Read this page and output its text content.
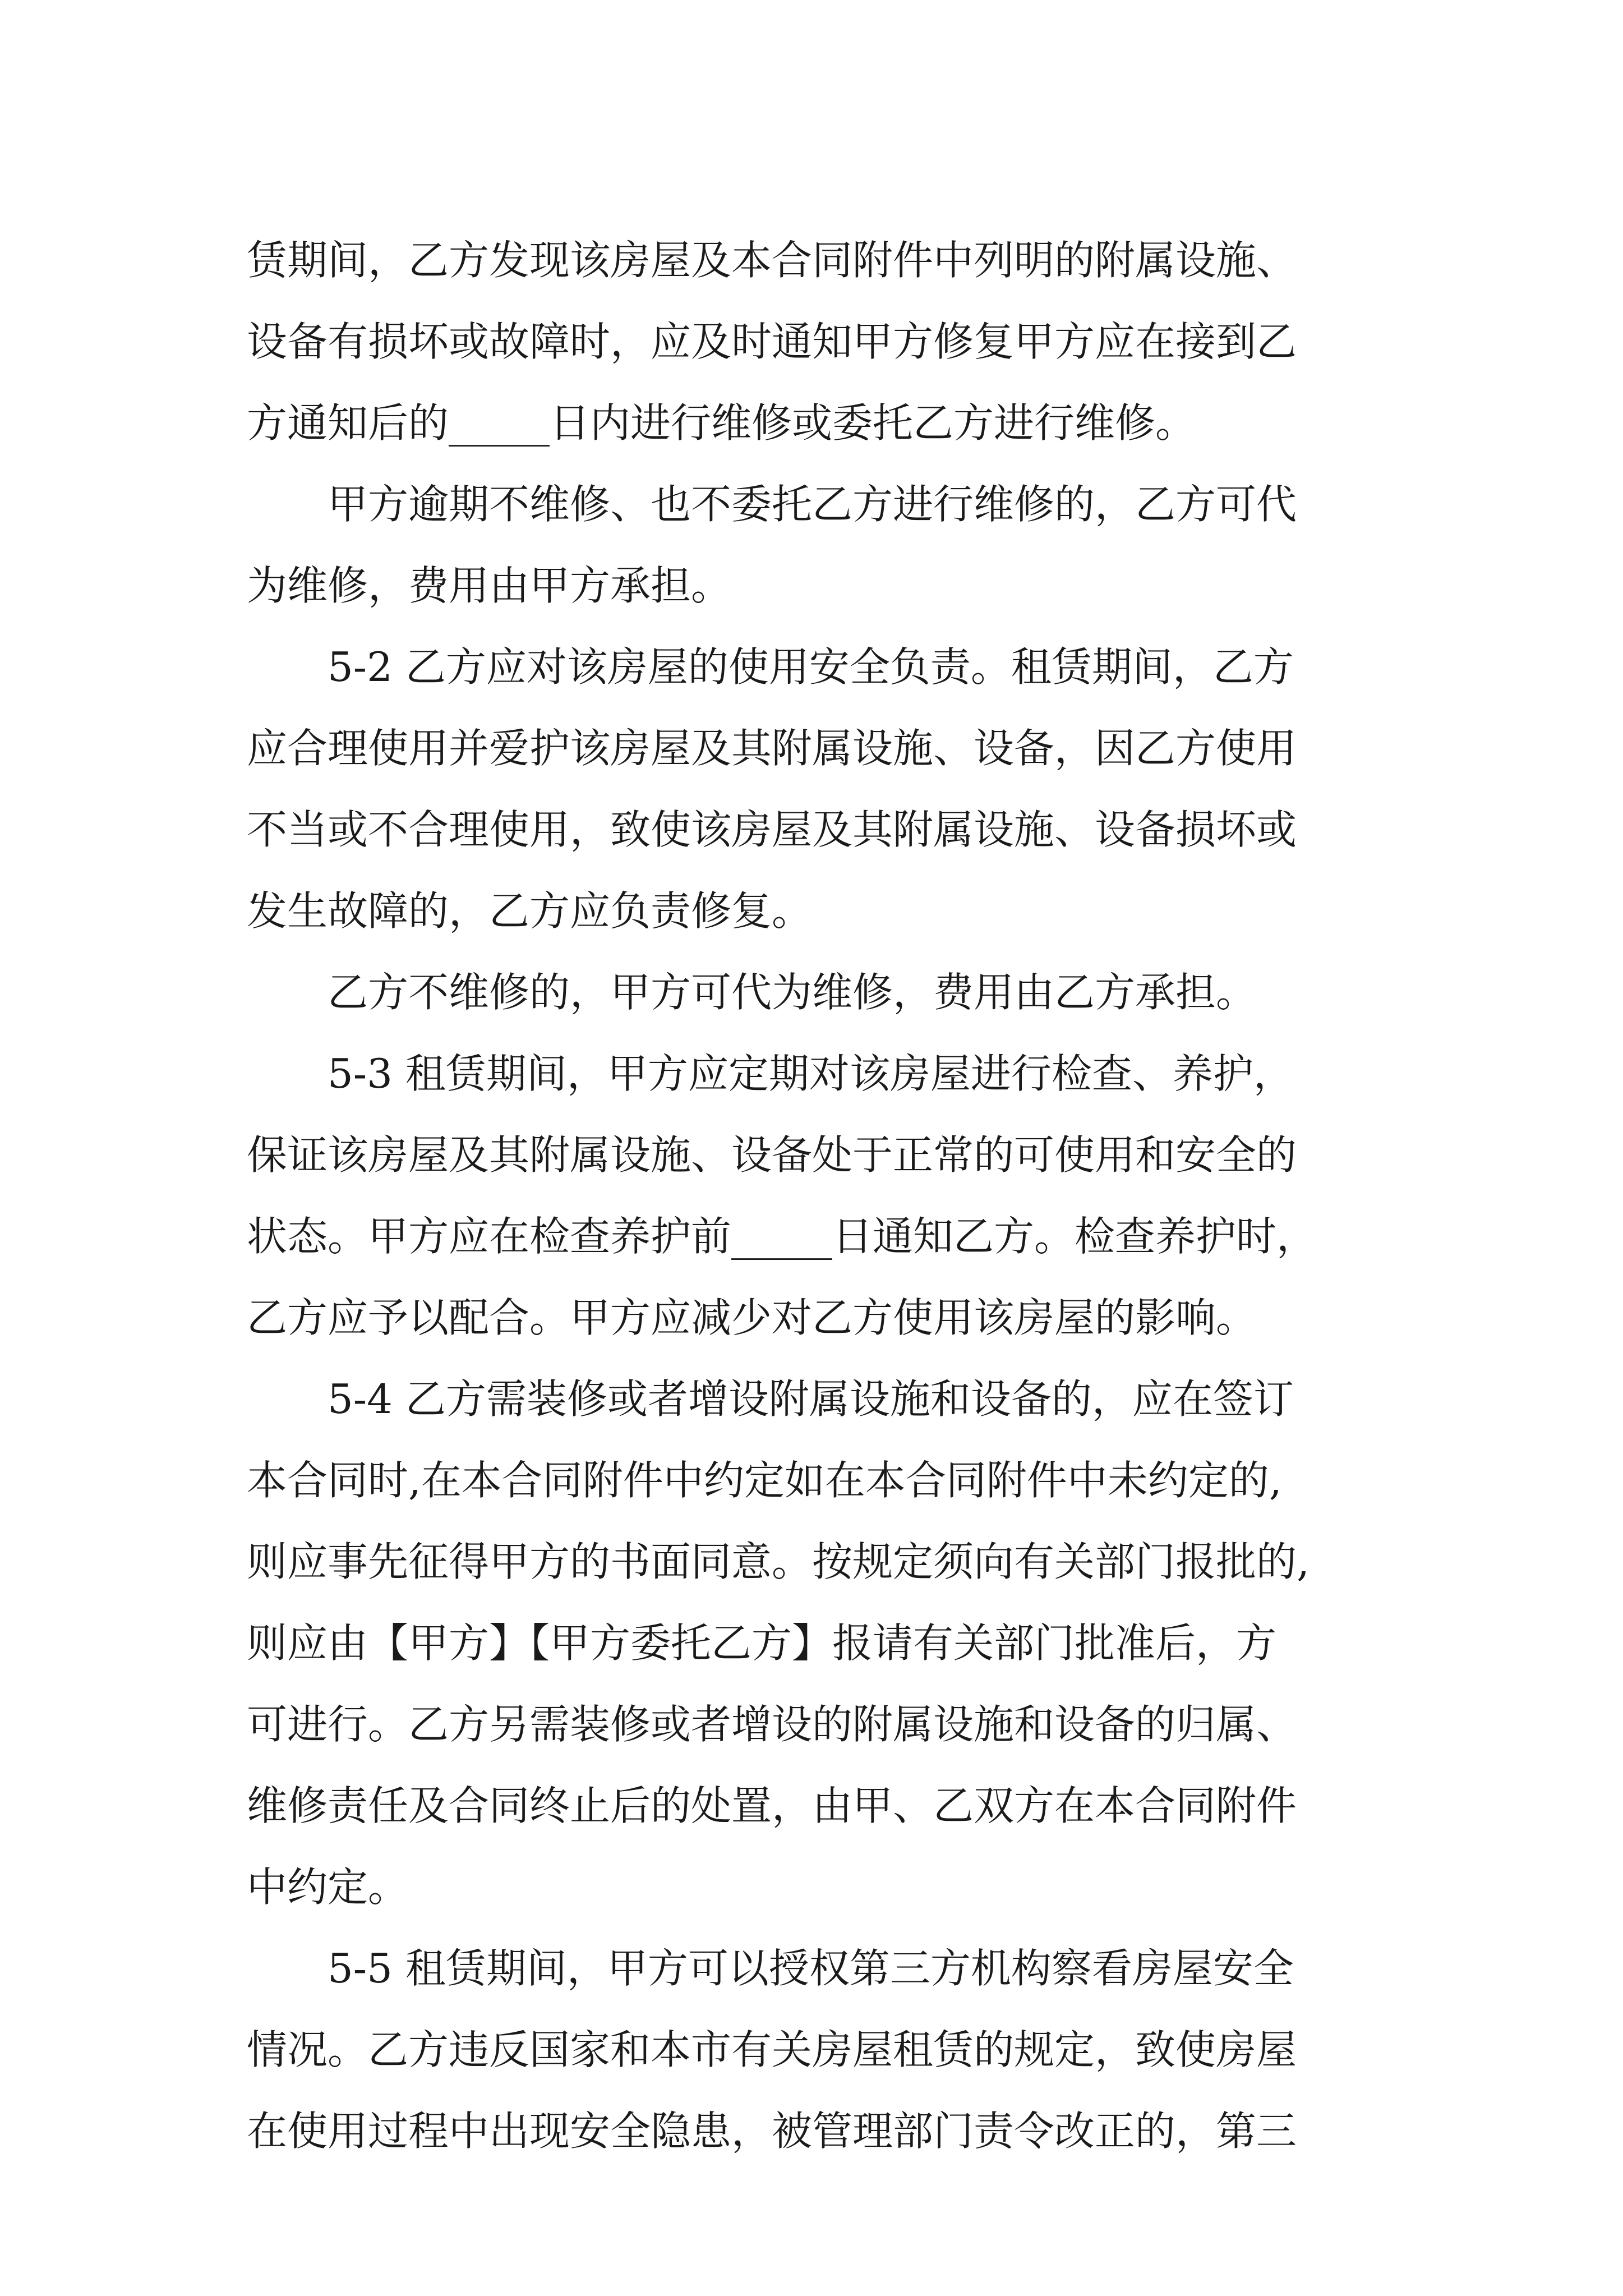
赁期间，乙方发现该房屋及本合同附件中列明的附属设施、
设备有损坏或故障时，应及时通知甲方修复甲方应在接到乙
方通知后的_____日内进行维修或委托乙方进行维修。
　　甲方逾期不维修、也不委托乙方进行维修的，乙方可代
为维修，费用由甲方承担。
　　5-2 乙方应对该房屋的使用安全负责。租赁期间，乙方
应合理使用并爱护该房屋及其附属设施、设备，因乙方使用
不当或不合理使用，致使该房屋及其附属设施、设备损坏或
发生故障的，乙方应负责修复。
　　乙方不维修的，甲方可代为维修，费用由乙方承担。
　　5-3 租赁期间，甲方应定期对该房屋进行检查、养护，
保证该房屋及其附属设施、设备处于正常的可使用和安全的
状态。甲方应在检查养护前_____日通知乙方。检查养护时，
乙方应予以配合。甲方应减少对乙方使用该房屋的影响。
　　5-4 乙方需装修或者增设附属设施和设备的，应在签订
本合同时,在本合同附件中约定如在本合同附件中未约定的,
则应事先征得甲方的书面同意。按规定须向有关部门报批的,
则应由【甲方】【甲方委托乙方】报请有关部门批准后，方
可进行。乙方另需装修或者增设的附属设施和设备的归属、
维修责任及合同终止后的处置，由甲、乙双方在本合同附件
中约定。
　　5-5 租赁期间，甲方可以授权第三方机构察看房屋安全
情况。乙方违反国家和本市有关房屋租赁的规定，致使房屋
在使用过程中出现安全隐患，被管理部门责令改正的，第三
